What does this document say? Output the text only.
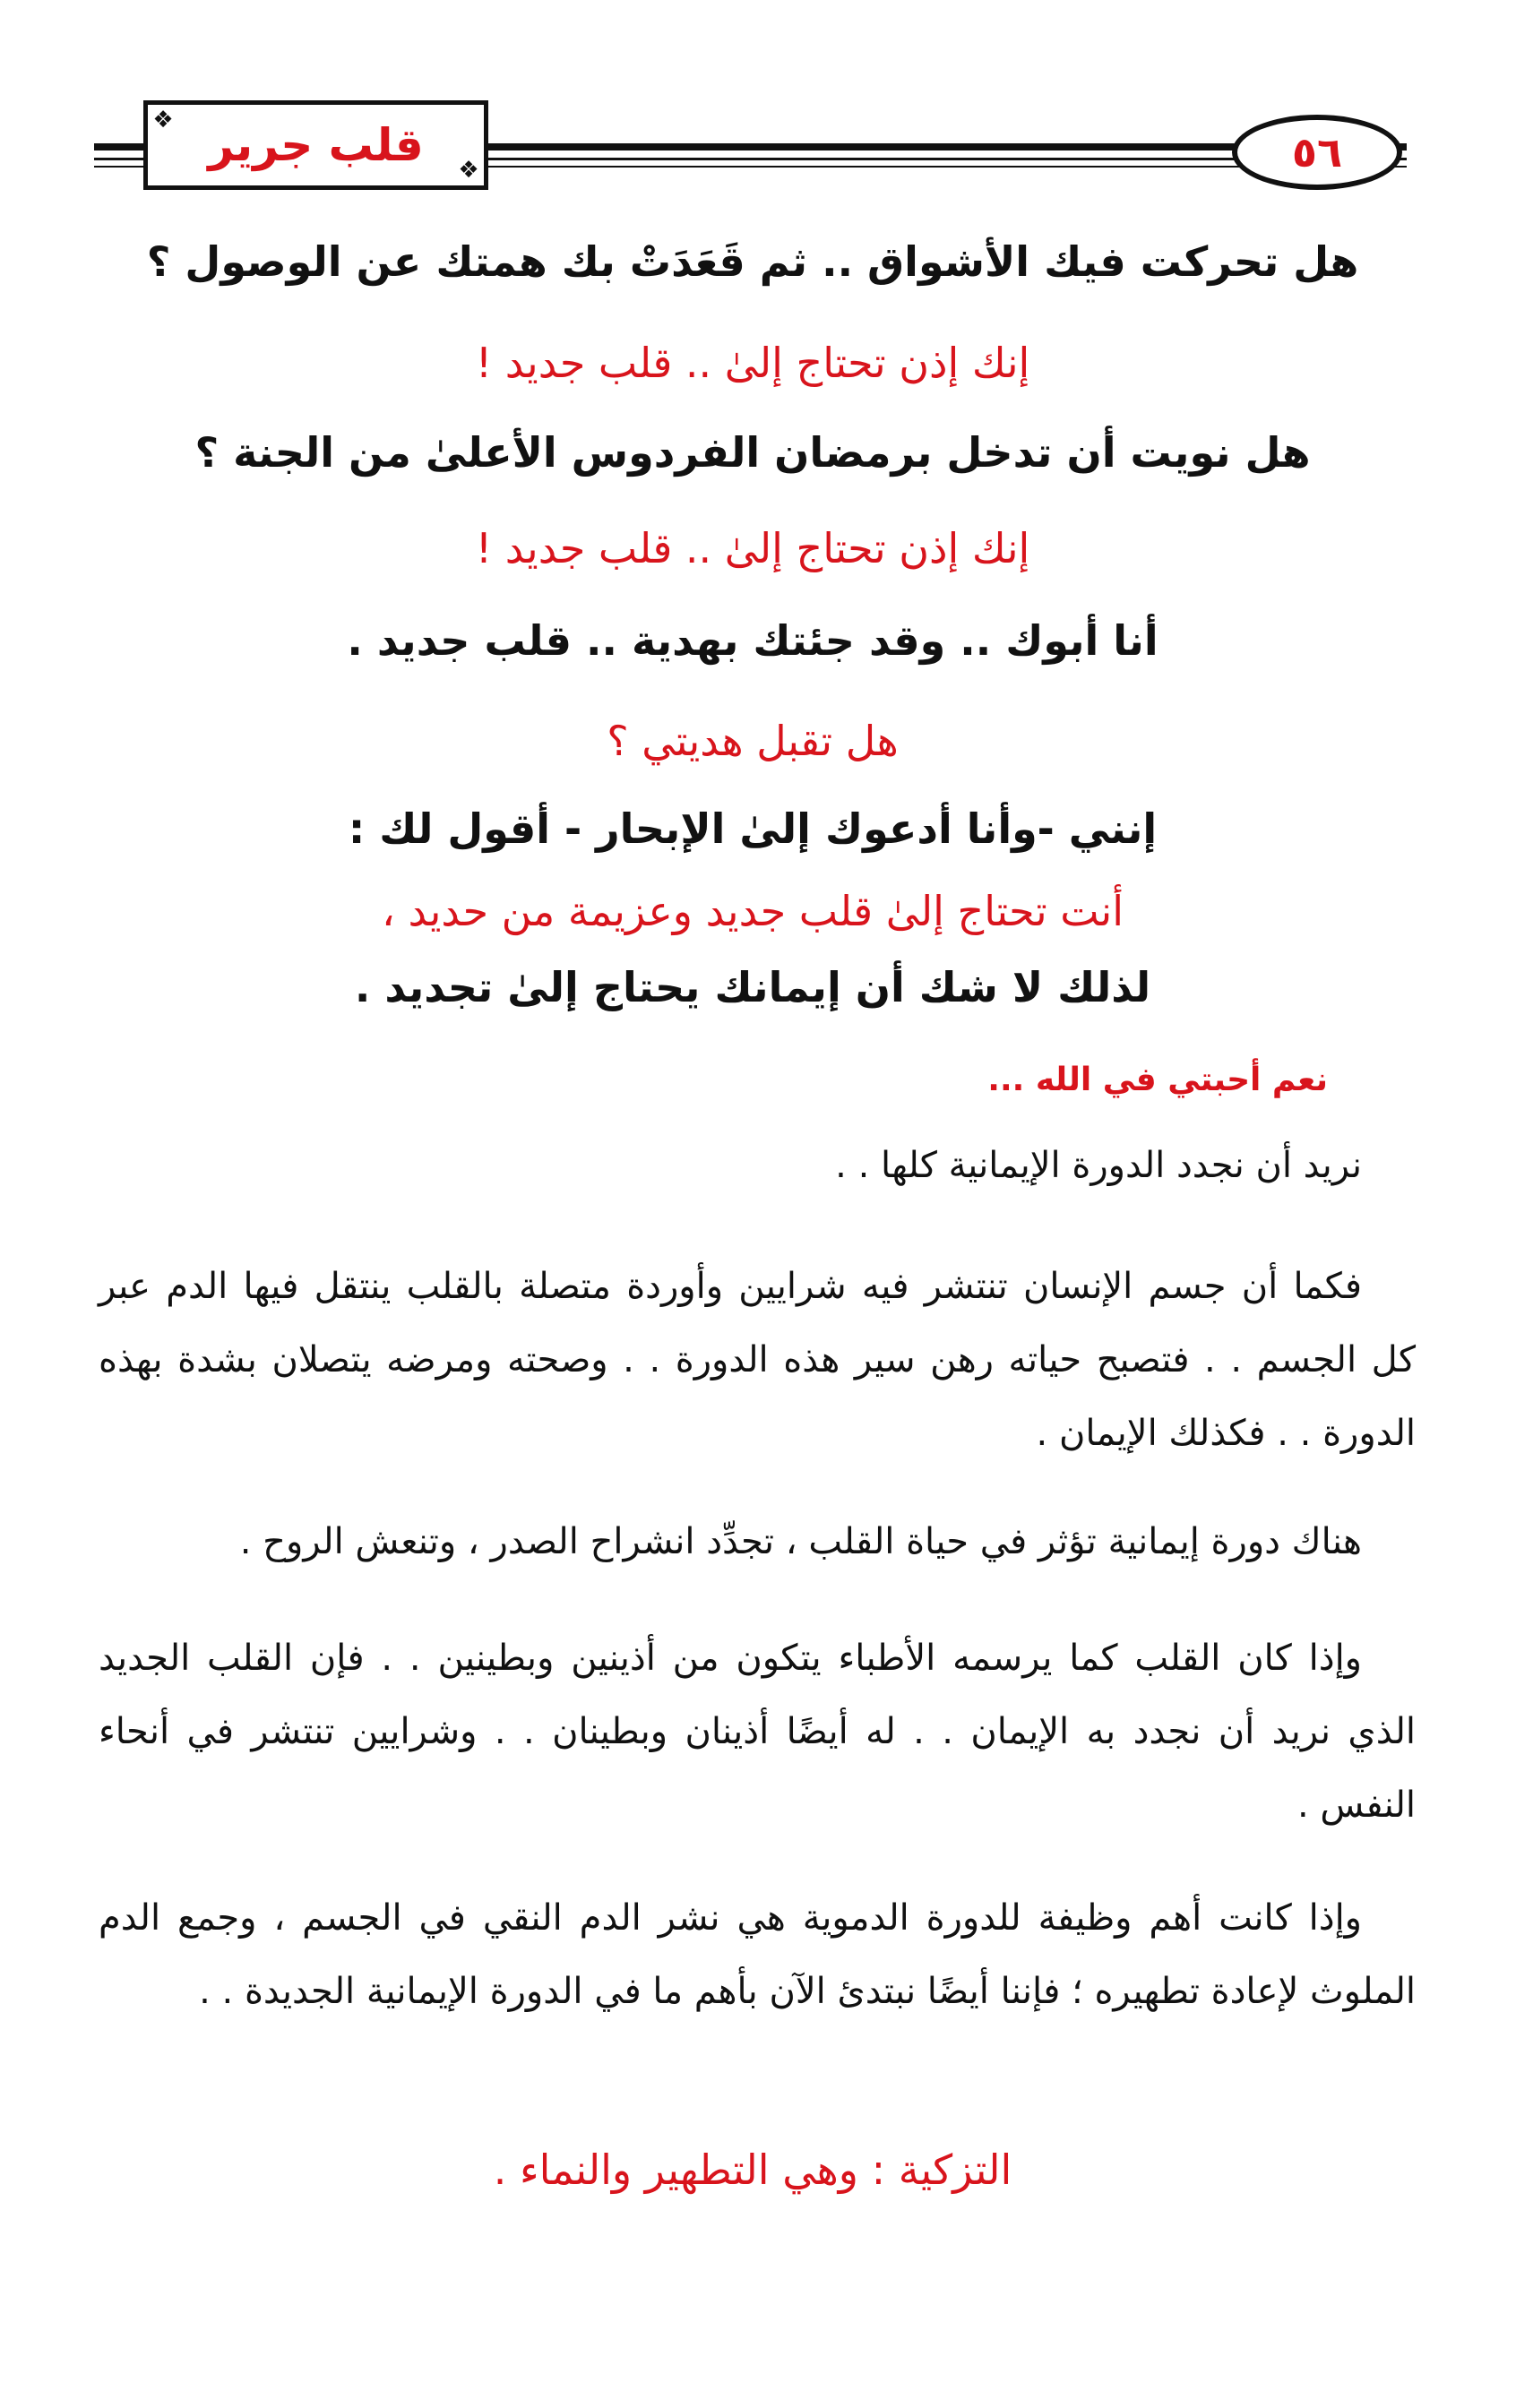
❖
❖
قلب جرير	٥٦
هل تحركت فيك الأشواق .. ثم قَعَدَتْ بك همتك عن الوصول ؟
إنك إذن تحتاج إلىٰ .. قلب جديد !
هل نويت أن تدخل برمضان الفردوس الأعلىٰ من الجنة ؟
إنك إذن تحتاج إلىٰ .. قلب جديد !
أنا أبوك .. وقد جئتك بهدية .. قلب جديد .
هل تقبل هديتي ؟
إنني -وأنا أدعوك إلىٰ الإبحار - أقول لك :
أنت تحتاج إلىٰ قلب جديد وعزيمة من حديد ،
لذلك لا شك أن إيمانك يحتاج إلىٰ تجديد .
نعم أحبتي في الله ...
نريد أن نجدد الدورة الإيمانية كلها . .
فكما أن جسم الإنسان تنتشر فيه شرايين وأوردة متصلة بالقلب ينتقل فيها الدم عبر كل الجسم . . فتصبح حياته رهن سير هذه الدورة . . وصحته ومرضه يتصلان بشدة بهذه الدورة . . فكذلك الإيمان .
هناك دورة إيمانية تؤثر في حياة القلب ، تجدِّد انشراح الصدر ، وتنعش الروح .
وإذا كان القلب كما يرسمه الأطباء يتكون من أذينين وبطينين . . فإن القلب الجديد الذي نريد أن نجدد به الإيمان . . له أيضًا أذينان وبطينان . . وشرايين تنتشر في أنحاء النفس .
وإذا كانت أهم وظيفة للدورة الدموية هي نشر الدم النقي في الجسم ، وجمع الدم الملوث لإعادة تطهيره ؛ فإننا أيضًا نبتدئ الآن بأهم ما في الدورة الإيمانية الجديدة . .
التزكية : وهي التطهير والنماء .
